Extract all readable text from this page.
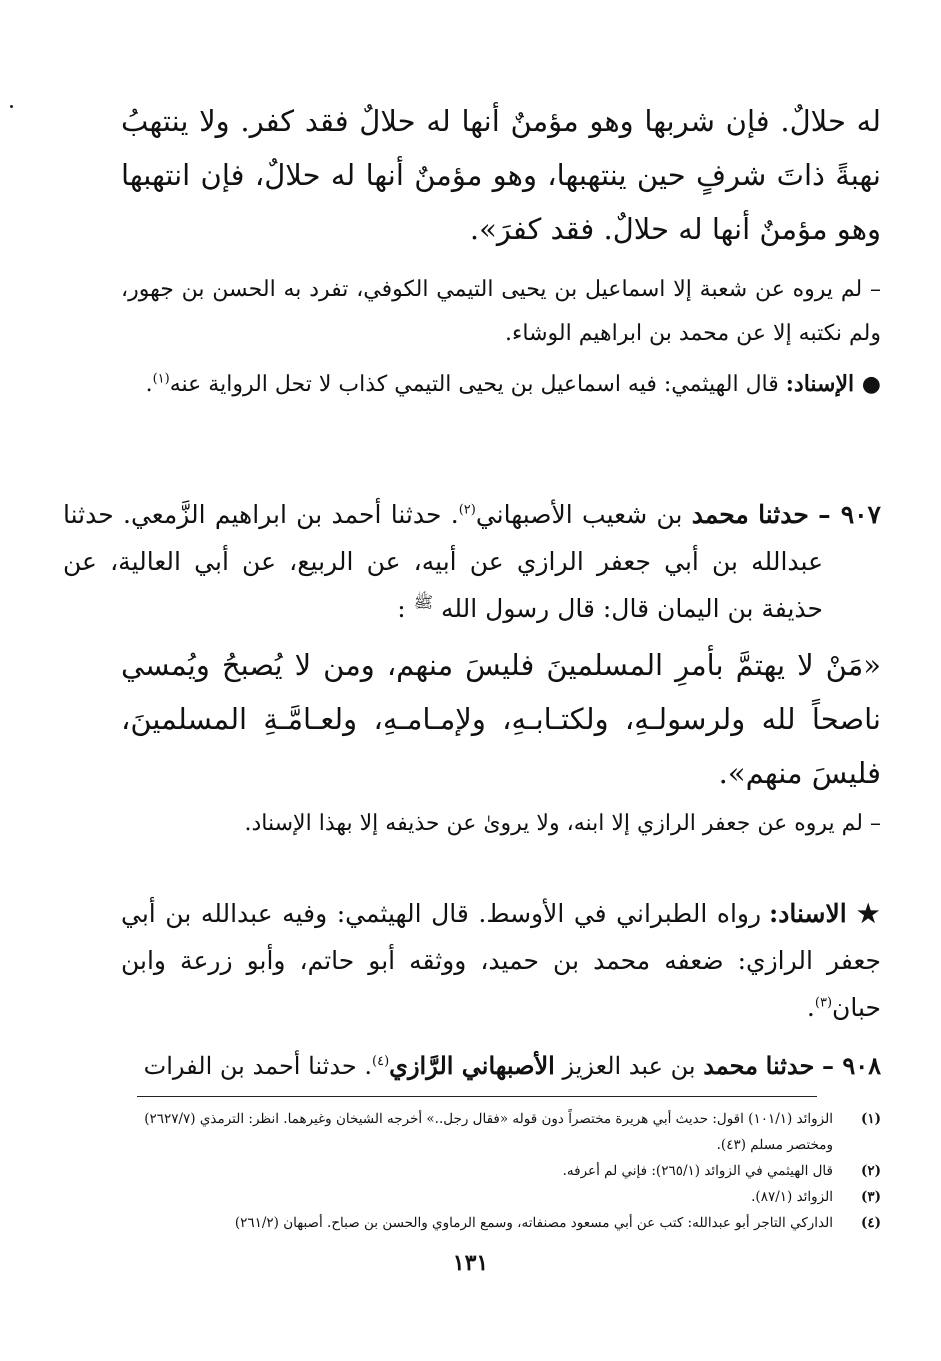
له حلالٌ. فإن شربها وهو مؤمنٌ أنها له حلالٌ فقد كفر. ولا ينتهبُ نهبةً ذاتَ شرفٍ حين ينتهبها، وهو مؤمنٌ أنها له حلالٌ، فإن انتهبها وهو مؤمنٌ أنها له حلالٌ. فقد كفرَ».

– لم يروه عن شعبة إلا اسماعيل بن يحيى التيمي الكوفي، تفرد به الحسن بن جهور، ولم نكتبه إلا عن محمد بن ابراهيم الوشاء.

● الإسناد: قال الهيثمي: فيه اسماعيل بن يحيى التيمي كذاب لا تحل الرواية عنه$^{(١)}$.

٩٠٧ – حدثنا محمد بن شعيب الأصبهاني$^{(٢)}$. حدثنا أحمد بن ابراهيم الزَّمعي. حدثنا عبدالله بن أبي جعفر الرازي عن أبيه، عن الربيع، عن أبي العالية، عن حذيفة بن اليمان قال: قال رسول الله $^ﷺ$ :

«مَنْ لا يهتمَّ بأمرِ المسلمينَ فليسَ منهم، ومن لا يُصبحُ ويُمسي ناصحاً لله ولرسولـهِ، ولكتـابـهِ، ولإمـامـهِ، ولعـامَّـةِ المسلمينَ، فليسَ منهم».

– لم يروه عن جعفر الرازي إلا ابنه، ولا يروىٰ عن حذيفه إلا بهذا الإسناد.

★ الاسناد: رواه الطبراني في الأوسط. قال الهيثمي: وفيه عبدالله بن أبي جعفر الرازي: ضعفه محمد بن حميد، ووثقه أبو حاتم، وأبو زرعة وابن حبان$^{(٣)}$.

٩٠٨ – حدثنا محمد بن عبد العزيز الأصبهاني الرَّازي$^{(٤)}$. حدثنا أحمد بن الفرات

(١)
الزوائد (١٠١/١) اقول: حديث أبي هريرة مختصراً دون قوله «فقال رجل..» أخرجه الشيخان وغيرهما. انظر: الترمذي (٢٦٢٧/٧) ومختصر مسلم (٤٣).
(٢)
قال الهيثمي في الزوائد (٢٦٥/١): فإني لم أعرفه.
(٣)
الزوائد (٨٧/١).
(٤)
الداركي التاجر أبو عبدالله: كتب عن أبي مسعود مصنفاته، وسمع الرماوي والحسن بن صباح. أصبهان (٢٦١/٢)
١٣١
